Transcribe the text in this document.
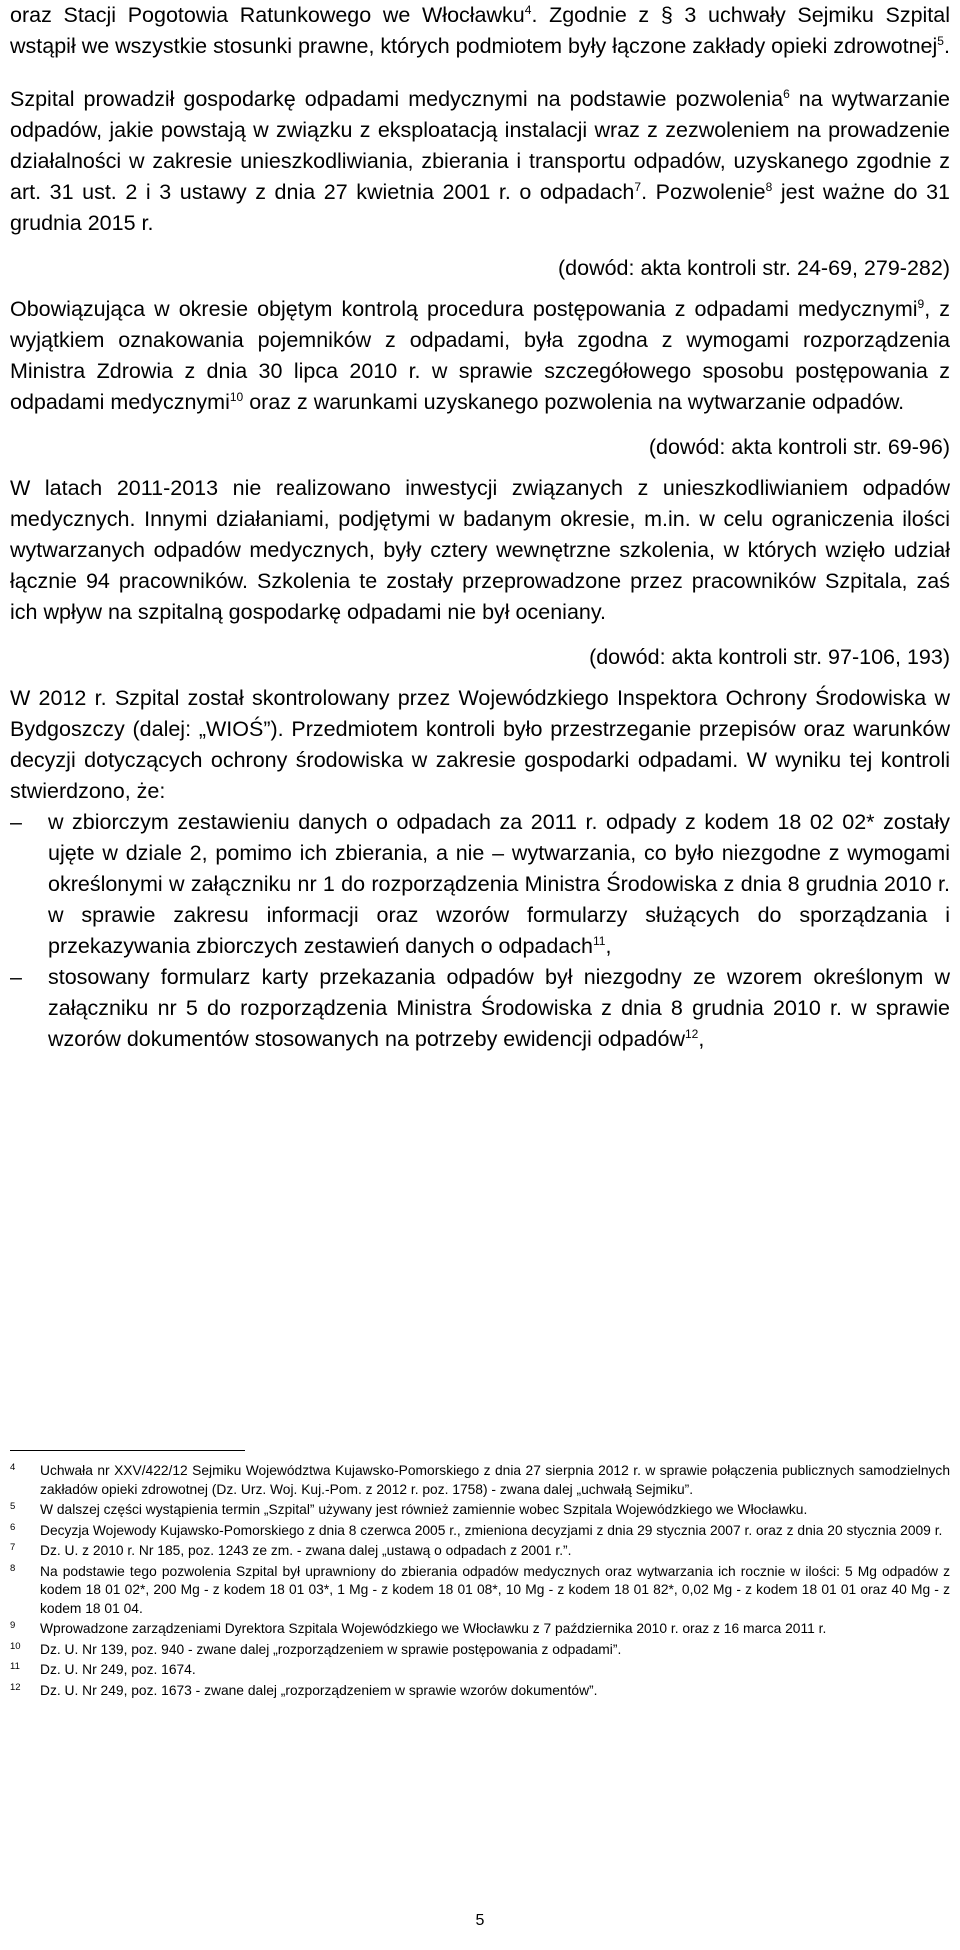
oraz Stacji Pogotowia Ratunkowego we Włocławku$^4$. Zgodnie z § 3 uchwały Sejmiku Szpital wstąpił we wszystkie stosunki prawne, których podmiotem były łączone zakłady opieki zdrowotnej$^5$.

Szpital prowadził gospodarkę odpadami medycznymi na podstawie pozwolenia$^6$ na wytwarzanie odpadów, jakie powstają w związku z eksploatacją instalacji wraz z zezwoleniem na prowadzenie działalności w zakresie unieszkodliwiania, zbierania i transportu odpadów, uzyskanego zgodnie z art. 31 ust. 2 i 3 ustawy z dnia 27 kwietnia 2001 r. o odpadach$^7$. Pozwolenie$^8$ jest ważne do 31 grudnia 2015 r.

(dowód: akta kontroli str. 24-69, 279-282)

Obowiązująca w okresie objętym kontrolą procedura postępowania z odpadami medycznymi$^9$, z wyjątkiem oznakowania pojemników z odpadami, była zgodna z wymogami rozporządzenia Ministra Zdrowia z dnia 30 lipca 2010 r. w sprawie szczegółowego sposobu postępowania z odpadami medycznymi$^{10}$ oraz z warunkami uzyskanego pozwolenia na wytwarzanie odpadów.

(dowód: akta kontroli str. 69-96)

W latach 2011-2013 nie realizowano inwestycji związanych z unieszkodliwianiem odpadów medycznych. Innymi działaniami, podjętymi w badanym okresie, m.in. w celu ograniczenia ilości wytwarzanych odpadów medycznych, były cztery wewnętrzne szkolenia, w których wzięło udział łącznie 94 pracowników. Szkolenia te zostały przeprowadzone przez pracowników Szpitala, zaś ich wpływ na szpitalną gospodarkę odpadami nie był oceniany.

(dowód: akta kontroli str. 97-106, 193)

W 2012 r. Szpital został skontrolowany przez Wojewódzkiego Inspektora Ochrony Środowiska w Bydgoszczy (dalej: „WIOŚ”). Przedmiotem kontroli było przestrzeganie przepisów oraz warunków decyzji dotyczących ochrony środowiska w zakresie gospodarki odpadami. W wyniku tej kontroli stwierdzono, że:

–	w zbiorczym zestawieniu danych o odpadach za 2011 r. odpady z kodem 18 02 02* zostały ujęte w dziale 2, pomimo ich zbierania, a nie – wytwarzania, co było niezgodne z wymogami określonymi w załączniku nr 1 do rozporządzenia Ministra Środowiska z dnia 8 grudnia 2010 r. w sprawie zakresu informacji oraz wzorów formularzy służących do sporządzania i przekazywania zbiorczych zestawień danych o odpadach$^{11}$,
–	stosowany formularz karty przekazania odpadów był niezgodny ze wzorem określonym w załączniku nr 5 do rozporządzenia Ministra Środowiska z dnia 8 grudnia 2010 r. w sprawie wzorów dokumentów stosowanych na potrzeby ewidencji odpadów$^{12}$,
4 Uchwała nr XXV/422/12 Sejmiku Województwa Kujawsko-Pomorskiego z dnia 27 sierpnia 2012 r. w sprawie połączenia publicznych samodzielnych zakładów opieki zdrowotnej (Dz. Urz. Woj. Kuj.-Pom. z 2012 r. poz. 1758) - zwana dalej „uchwałą Sejmiku”.
5 W dalszej części wystąpienia termin „Szpital” używany jest również zamiennie wobec Szpitala Wojewódzkiego we Włocławku.
6 Decyzja Wojewody Kujawsko-Pomorskiego z dnia 8 czerwca 2005 r., zmieniona decyzjami z dnia 29 stycznia 2007 r. oraz z dnia 20 stycznia 2009 r.
7 Dz. U. z 2010 r. Nr 185, poz. 1243 ze zm. - zwana dalej „ustawą o odpadach z 2001 r.”.
8 Na podstawie tego pozwolenia Szpital był uprawniony do zbierania odpadów medycznych oraz wytwarzania ich rocznie w ilości: 5 Mg odpadów z kodem 18 01 02*, 200 Mg - z kodem 18 01 03*, 1 Mg - z kodem 18 01 08*, 10 Mg - z kodem 18 01 82*, 0,02 Mg - z kodem 18 01 01 oraz 40 Mg - z kodem 18 01 04.
9 Wprowadzone zarządzeniami Dyrektora Szpitala Wojewódzkiego we Włocławku z 7 października 2010 r. oraz z 16 marca 2011 r.
10 Dz. U. Nr 139, poz. 940 - zwane dalej „rozporządzeniem w sprawie postępowania z odpadami”.
11 Dz. U. Nr 249, poz. 1674.
12 Dz. U. Nr 249, poz. 1673 - zwane dalej „rozporządzeniem w sprawie wzorów dokumentów”.
5
